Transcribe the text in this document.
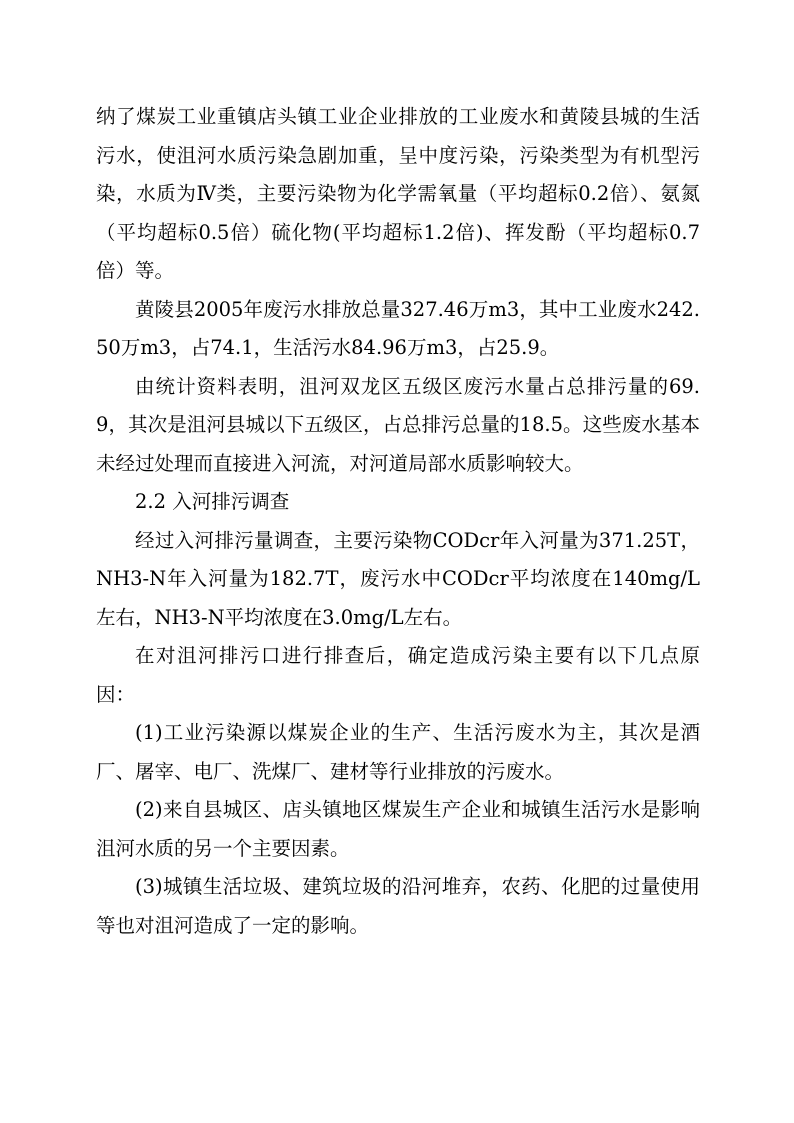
纳了煤炭工业重镇店头镇工业企业排放的工业废水和黄陵县城的生活污水，使沮河水质污染急剧加重，呈中度污染，污染类型为有机型污染，水质为Ⅳ类，主要污染物为化学需氧量（平均超标0.2倍）、氨氮（平均超标0.5倍）硫化物(平均超标1.2倍)、挥发酚（平均超标0.7倍）等。

黄陵县2005年废污水排放总量327.46万m3，其中工业废水242.50万m3，占74.1，生活污水84.96万m3，占25.9。

由统计资料表明，沮河双龙区五级区废污水量占总排污量的69.9，其次是沮河县城以下五级区，占总排污总量的18.5。这些废水基本未经过处理而直接进入河流，对河道局部水质影响较大。

2.2 入河排污调查

经过入河排污量调查，主要污染物CODcr年入河量为371.25T，NH3-N年入河量为182.7T，废污水中CODcr平均浓度在140mg/L左右，NH3-N平均浓度在3.0mg/L左右。

在对沮河排污口进行排查后，确定造成污染主要有以下几点原因：

(1)工业污染源以煤炭企业的生产、生活污废水为主，其次是酒厂、屠宰、电厂、洗煤厂、建材等行业排放的污废水。

(2)来自县城区、店头镇地区煤炭生产企业和城镇生活污水是影响沮河水质的另一个主要因素。

(3)城镇生活垃圾、建筑垃圾的沿河堆弃，农药、化肥的过量使用等也对沮河造成了一定的影响。
